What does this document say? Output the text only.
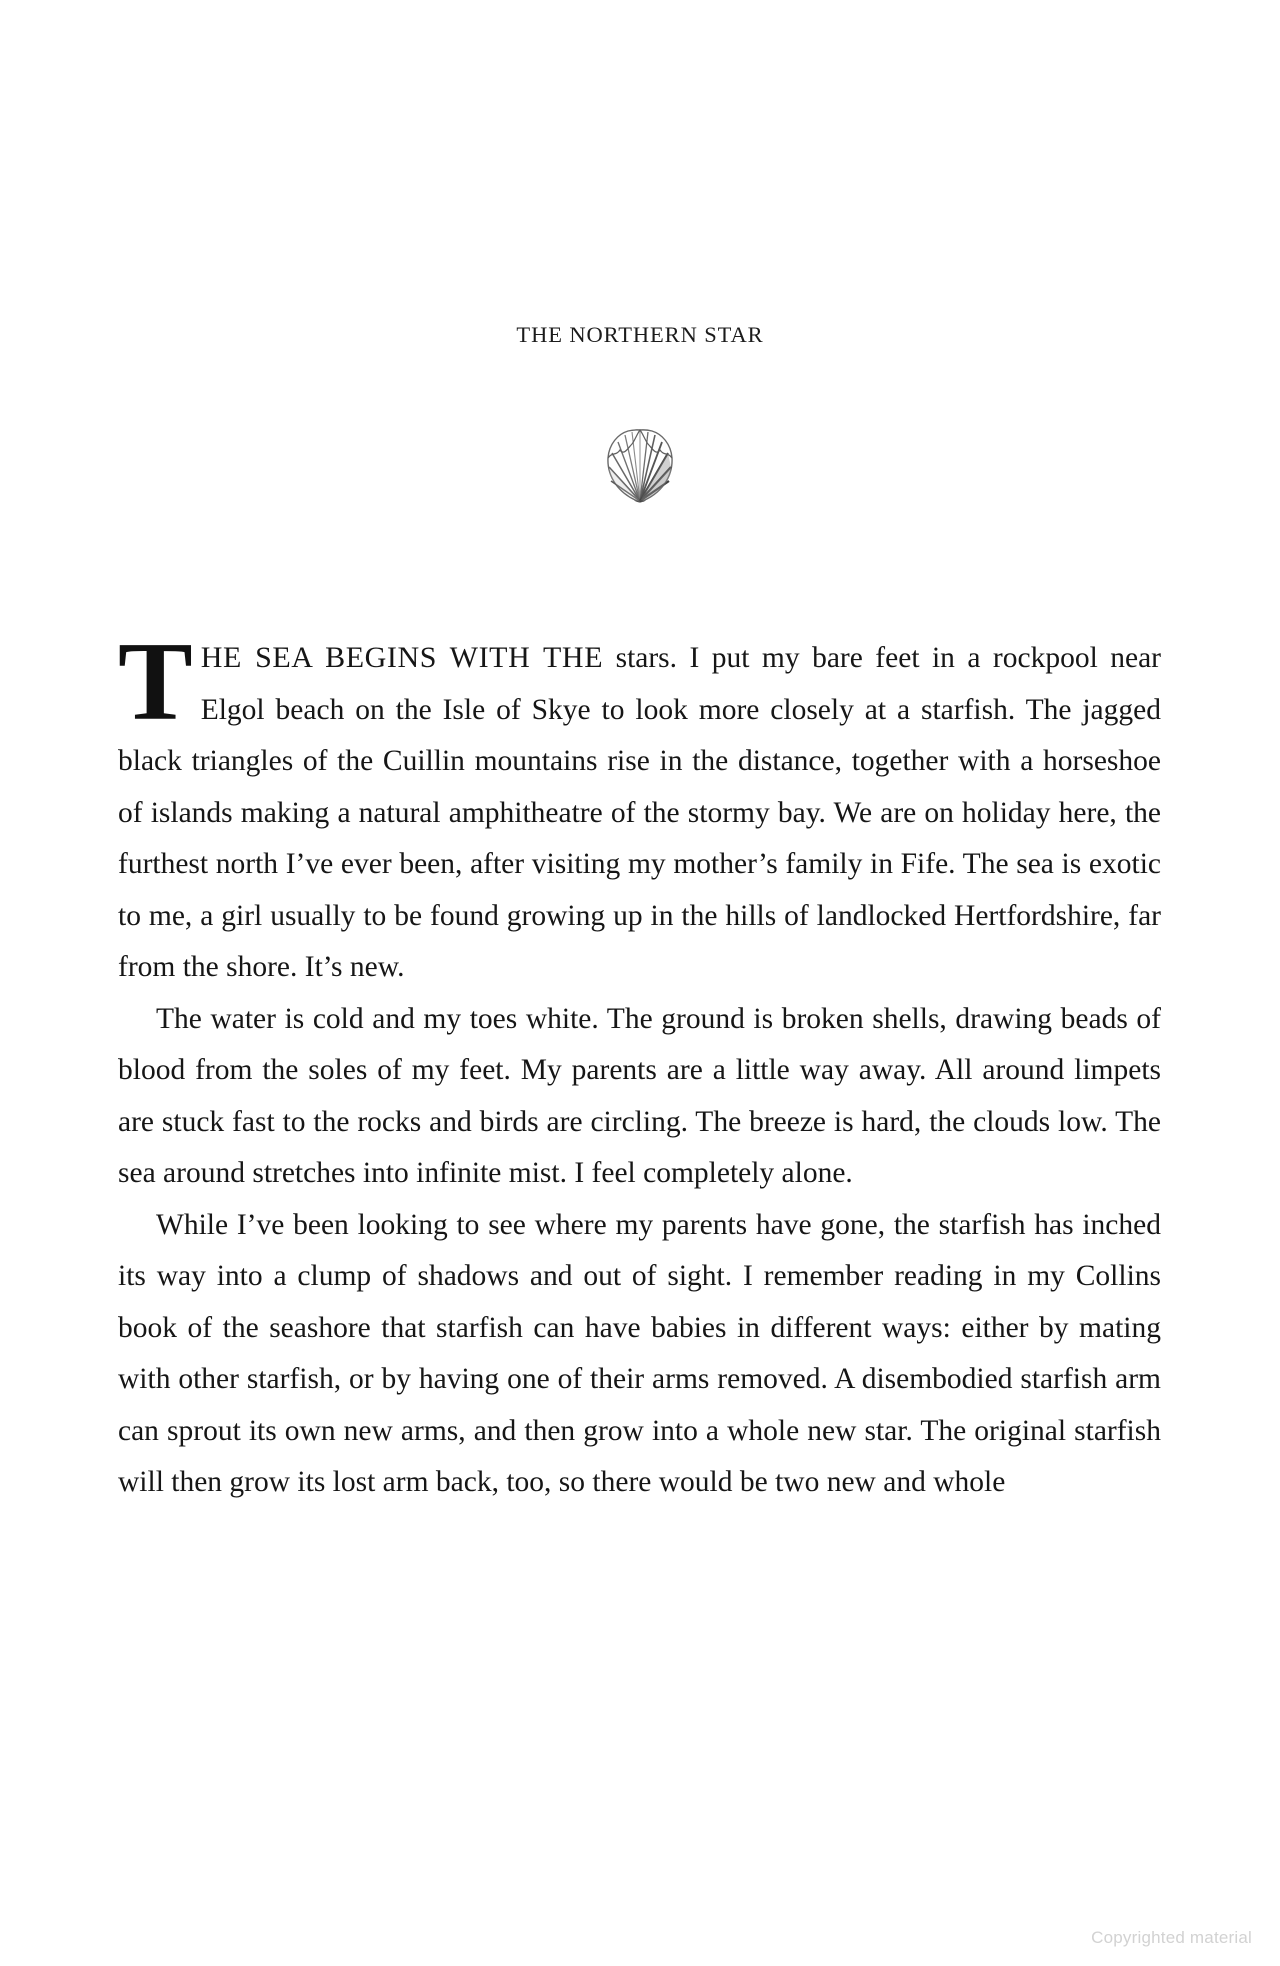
THE NORTHERN STAR

THE SEA BEGINS WITH THE stars. I put my bare feet in a rockpool near Elgol beach on the Isle of Skye to look more closely at a starfish. The jagged black triangles of the Cuillin mountains rise in the distance, together with a horseshoe of islands making a natural amphitheatre of the stormy bay. We are on holiday here, the furthest north I’ve ever been, after visiting my mother’s family in Fife. The sea is exotic to me, a girl usually to be found growing up in the hills of landlocked Hertfordshire, far from the shore. It’s new.

The water is cold and my toes white. The ground is broken shells, drawing beads of blood from the soles of my feet. My parents are a little way away. All around limpets are stuck fast to the rocks and birds are circling. The breeze is hard, the clouds low. The sea around stretches into infinite mist. I feel completely alone.

While I’ve been looking to see where my parents have gone, the starfish has inched its way into a clump of shadows and out of sight. I remember reading in my Collins book of the seashore that starfish can have babies in different ways: either by mating with other starfish, or by having one of their arms removed. A disembodied starfish arm can sprout its own new arms, and then grow into a whole new star. The original starfish will then grow its lost arm back, too, so there would be two new and whole

Copyrighted material
